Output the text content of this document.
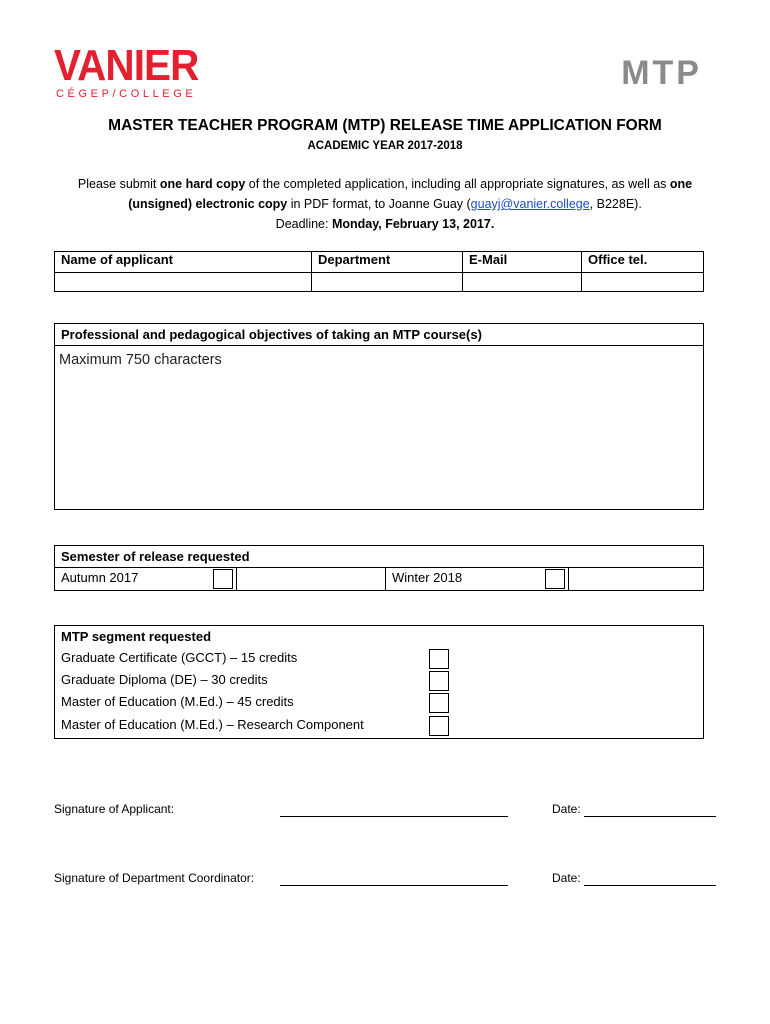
VANIER
CÉGEP/COLLEGE
MTP
MASTER TEACHER PROGRAM (MTP) RELEASE TIME APPLICATION FORM
ACADEMIC YEAR 2017-2018
Please submit one hard copy of the completed application, including all appropriate signatures, as well as one (unsigned) electronic copy in PDF format, to Joanne Guay (guayj@vanier.college, B228E).
Deadline: Monday, February 13, 2017.
Name of applicant	Department	E-Mail	Office tel.

Professional and pedagogical objectives of taking an MTP course(s)
Maximum 750 characters
Semester of release requested
Autumn 2017	Winter 2018
MTP segment requested
Graduate Certificate (GCCT) – 15 credits
Graduate Diploma (DE) – 30 credits
Master of Education (M.Ed.) – 45 credits
Master of Education (M.Ed.) – Research Component
Signature of Applicant:	Date:
Signature of Department Coordinator:	Date:
